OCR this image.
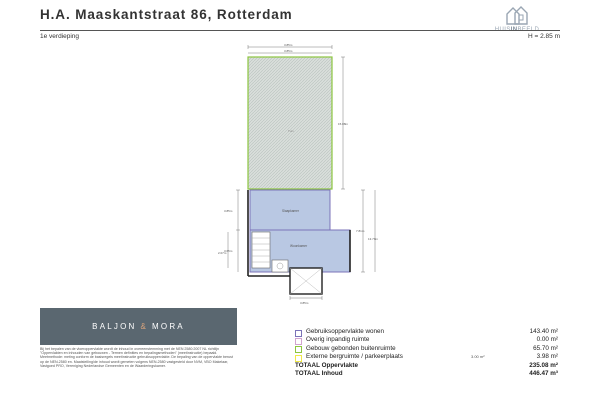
H.A. Maaskantstraat 86, Rotterdam
1e verdieping	H = 2.85 m
Tuin
Slaapkamer
Woonkamer
3.85m
3.85m
15.88m
3.85m
3.65m
7.81m
13.79m
2.07m
3.85m
BALJON & MORA
Bij het bepalen van de vloeroppervlakte wordt de inhoud in overeenstemming met de NEN 2580:2007 NL richtlijn "Oppervlakten en inhouden van gebouwen - Termen definities en bepalingsmethoden" (meetinstructie) bepaald. Meetmethode: meting conform de basisregels meetinstructie gebruiksoppervlakte. De bepaling van de oppervlakte berust op de NEN-2580 en. Maatstelling/de inhoud wordt gemeten volgens NEN-2580 vastgesteld door NVM, VBO Makelaar, Vastgoed PRO, Vereniging Nederlandse Gemeenten en de Waarderingskamer.
Gebruiksoppervlakte wonen	143.40 m²
Overig inpandig ruimte	0.00 m²
Gebouw gebonden buitenruimte	65.70 m²
Externe bergruimte / parkeerplaats	3.00 m²	3.98 m²
TOTAAL Oppervlakte	235.08 m²
TOTAAL Inhoud	446.47 m³
